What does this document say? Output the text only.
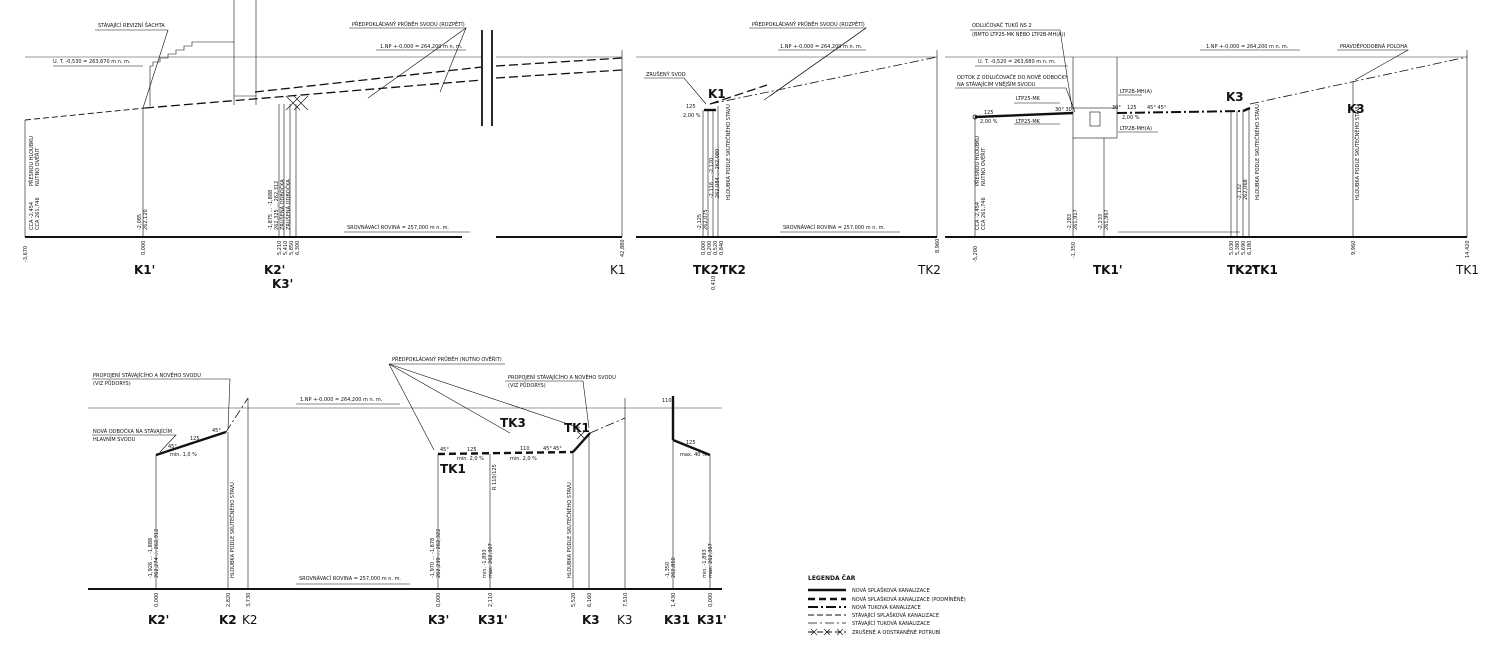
STÁVAJÍCÍ REVIZNÍ ŠACHTA
U. T. -0,530 = 263,670 m n. m.
PŘEDPOKLÁDANÝ PRŮBĚH SVODU (ROZPĚTÍ)
1.NP +-0,000 = 264,200 m n. m.
SROVNÁVACÍ ROVINA = 257,000 m n. m.
CCA -2,454 CCA 261,746
PŘESNOU HLOUBKU NUTNO OVĚŘIT
-2,085 262,120	-1,875 ... -1,888 262,325 ... 262,312 ZRUŠENÁ ODBOČKA ZRUŠENÁ ODBOČKA
-3,670	0,000	5,210 5,410 5,850 6,300	42,880
K1'	K2'
K3'
K1
PŘEDPOKLÁDANÝ PRŮBĚH SVODU (ROZPĚTÍ)
1.NP +-0,000 = 264,200 m n. m.
ZRUŠENÝ SVOD
SROVNÁVACÍ ROVINA = 257,000 m n. m.
K1
125
2,00 %
-2,125 262,075
-2,116 ... -2,120 262,084 ... 262,080	HLOUBKA PODLE SKUTEČNÉHO STAVU
0,000 0,200
0,410
0,520 0,840	8,960
TK2'
TK2	TK2
ODLUČOVAČ TUKŮ NS 2
(BMTO LTP25-MK NEBO LTP2B-MH(A))
U. T. -0,520 = 263,680 m n. m.
ODTOK Z ODLUČOVAČE DO NOVÉ ODBOČKY
NA STÁVAJÍCÍM VNĚJŠÍM SVODU
1.NP +-0,000 = 264,200 m n. m.	PRAVDĚPODOBNÁ POLOHA
LTP25-MK
LTP25-MK
LTP2B-MH(A)
LTP2B-MH(A)
125
2,00 %
30° 30°	30° 125 45° 45°
2,00 %
K3
K3
CCA -2,454 CCA 261,746
PŘESNOU HLOUBKU NUTNO OVĚŘIT
-2,283 261,917	-2,233 261,967
-2,132 262,068	HLOUBKA PODLE SKUTEČNÉHO STAVU	HLOUBKA PODLE SKUTEČNÉHO STAVU
-5,200	-1,350	5,030 5,380 5,690 6,180	9,960	14,420
TK1'	TK2'
TK1	TK1
PROPOJENÍ STÁVAJÍCÍHO A NOVÉHO SVODU
(VIZ PŮDORYS)
NOVÁ ODBOČKA NA STÁVAJÍCÍM
HLAVNÍM SVODU
PŘEDPOKLÁDANÝ PRŮBĚH (NUTNO OVĚŘIT)
PROPOJENÍ STÁVAJÍCÍHO A NOVÉHO SVODU
(VIZ PŮDORYS)
1.NP +-0,000 = 264,200 m n. m.
SROVNÁVACÍ ROVINA = 257,000 m n. m.
45°
125
min. 1,0 %
45°
TK1
TK3	TK1
45°	125
min. 2,0 %
110
min. 2,0 %
45° 45°
R 110/125
110
125
max. 40 %
-1,926 ... -1,888 262,274 ... 262,312	HLOUBKA PODLE SKUTEČNÉHO STAVU	-1,970 ... -1,878 262,230 ... 262,322	min. -1,893 max. 262,307	HLOUBKA PODLE SKUTEČNÉHO STAVU	-1,350 262,850	min. -1,893 max. 262,307
0,000	2,820	3,730	0,000	2,110	5,520 6,160	7,510	1,430	0,000
K2'	K2 K2	K3' K31'	K3 K3	K31 K31'
LEGENDA ČAR
NOVÁ SPLAŠKOVÁ KANALIZACE
NOVÁ SPLAŠKOVÁ KANALIZACE (PODMÍNĚNĚ)
NOVÁ TUKOVÁ KANALIZACE
STÁVAJÍCÍ SPLAŠKOVÁ KANALIZACE
STÁVAJÍCÍ TUKOVÁ KANALIZACE
ZRUŠENÉ A ODSTRANĚNÉ POTRUBÍ
